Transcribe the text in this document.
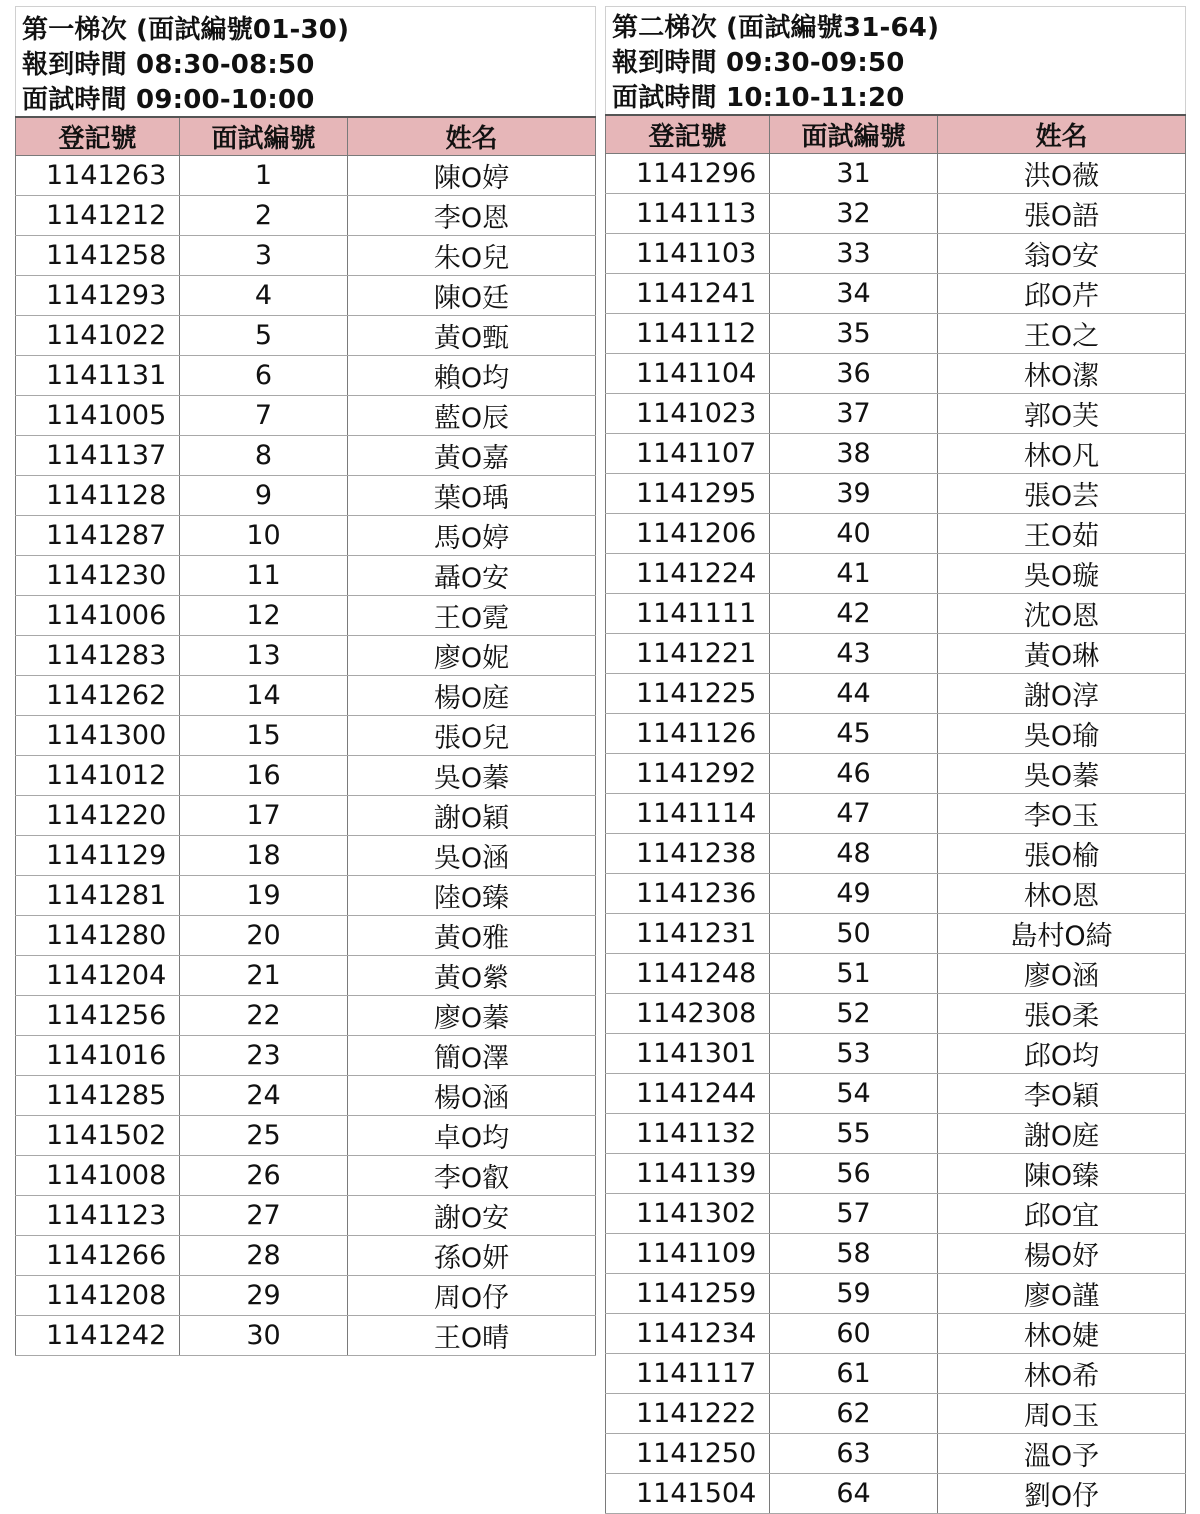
第一梯次 (面試編號01-30)
報到時間 08:30-08:50
面試時間 09:00-10:00
登記號	面試編號	姓名
1141263	1	陳O婷
1141212	2	李O恩
1141258	3	朱O兒
1141293	4	陳O廷
1141022	5	黃O甄
1141131	6	賴O均
1141005	7	藍O辰
1141137	8	黃O嘉
1141128	9	葉O瑀
1141287	10	馬O婷
1141230	11	聶O安
1141006	12	王O霓
1141283	13	廖O妮
1141262	14	楊O庭
1141300	15	張O兒
1141012	16	吳O蓁
1141220	17	謝O穎
1141129	18	吳O涵
1141281	19	陸O臻
1141280	20	黃O雅
1141204	21	黃O縈
1141256	22	廖O蓁
1141016	23	簡O澤
1141285	24	楊O涵
1141502	25	卓O均
1141008	26	李O叡
1141123	27	謝O安
1141266	28	孫O妍
1141208	29	周O伃
1141242	30	王O晴
第二梯次 (面試編號31-64)
報到時間 09:30-09:50
面試時間 10:10-11:20
登記號	面試編號	姓名
1141296	31	洪O薇
1141113	32	張O語
1141103	33	翁O安
1141241	34	邱O芹
1141112	35	王O之
1141104	36	林O潔
1141023	37	郭O芙
1141107	38	林O凡
1141295	39	張O芸
1141206	40	王O茹
1141224	41	吳O璇
1141111	42	沈O恩
1141221	43	黃O琳
1141225	44	謝O淳
1141126	45	吳O瑜
1141292	46	吳O蓁
1141114	47	李O玉
1141238	48	張O榆
1141236	49	林O恩
1141231	50	島村O綺
1141248	51	廖O涵
1142308	52	張O柔
1141301	53	邱O均
1141244	54	李O穎
1141132	55	謝O庭
1141139	56	陳O臻
1141302	57	邱O宜
1141109	58	楊O妤
1141259	59	廖O謹
1141234	60	林O婕
1141117	61	林O希
1141222	62	周O玉
1141250	63	溫O予
1141504	64	劉O伃
